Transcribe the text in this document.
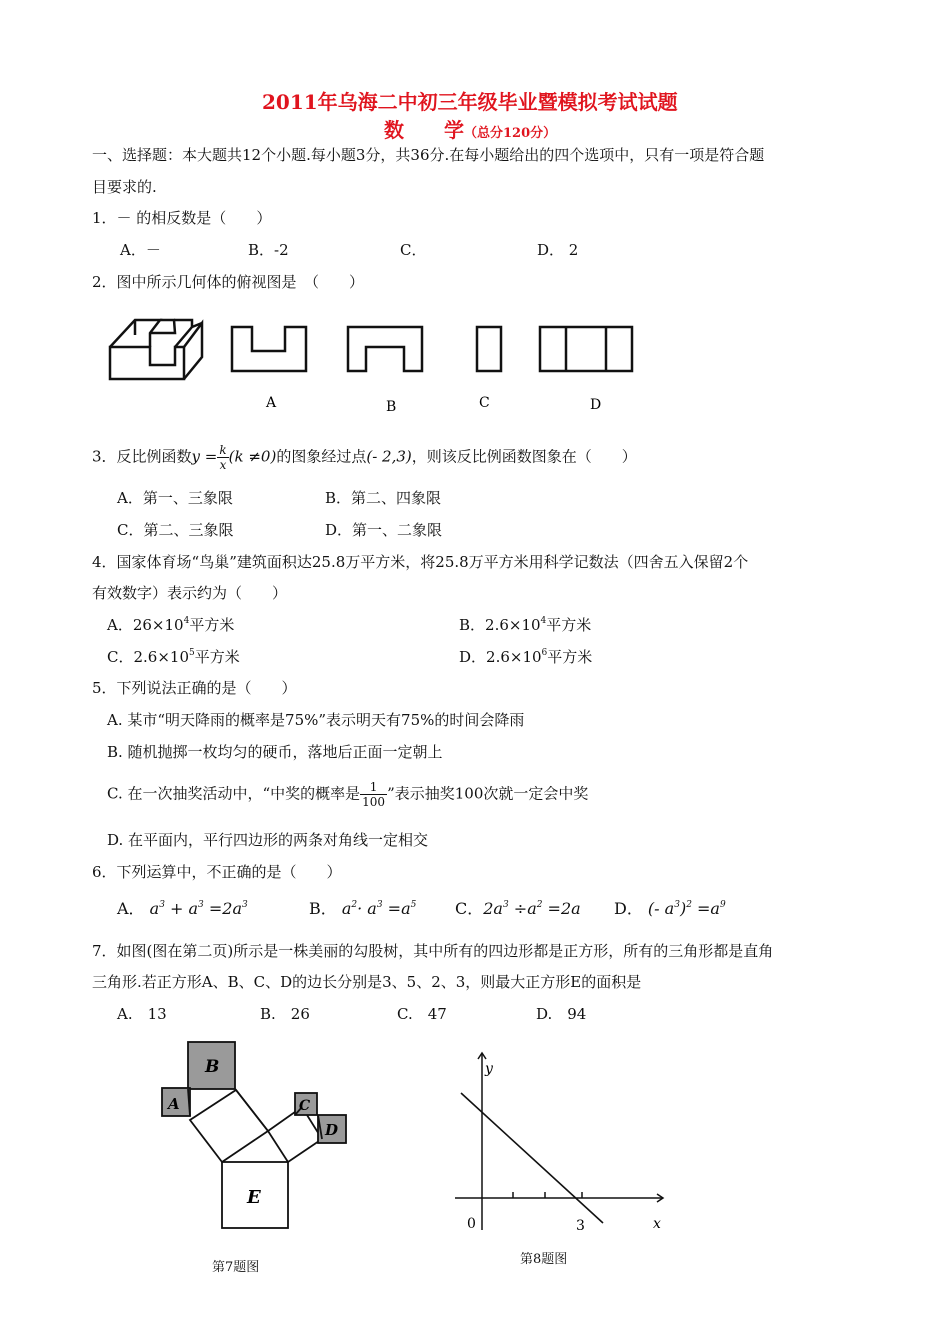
2011年乌海二中初三年级毕业暨模拟考试试题
数　　学（总分120分）
一、选择题：本大题共12个小题.每小题3分，共36分.在每小题给出的四个选项中，只有一项是符合题
目要求的.
1．－ 的相反数是（　　）
A．－	B．-2	C．	D． 2
2．图中所示几何体的俯视图是　（　　）
A	B	C	D
3．反比例函数$y = \frac{k}{x} (k \ne 0)$的图象经过点(- 2,3)，则该反比例函数图象在（　　）
A．第一、三象限	B．第二、四象限
C．第二、三象限	D．第一、二象限
4．国家体育场“鸟巢”建筑面积达25.8万平方米，将25.8万平方米用科学记数法（四舍五入保留2个
有效数字）表示约为（　　）
A．$26\times 10^4$平方米	B．$2.6\times 10^4$平方米
C．$2.6\times 10^5$平方米	D．$2.6\times 10^6$平方米
5．下列说法正确的是（　　）
A. 某市“明天降雨的概率是75%”表示明天有75%的时间会降雨
B. 随机抛掷一枚均匀的硬币，落地后正面一定朝上
C. 在一次抽奖活动中，“中奖的概率是 $\frac{1}{100}$ ”表示抽奖100次就一定会中奖
D. 在平面内，平行四边形的两条对角线一定相交
6．下列运算中，不正确的是（　　）
A． $a^3 + a^3 =2a^3$	B． $a^2\cdot a^3 =a^5$ C．$2a^3 \div a^2 =2a$ D． (- $a^3)^2 =a^9$
7．如图(图在第二页)所示是一株美丽的勾股树，其中所有的四边形都是正方形，所有的三角形都是直角
三角形.若正方形A、B、C、D的边长分别是3、5、2、3，则最大正方形E的面积是
A.　13	B.　26	C.　47	D.　94
B
A	C
D
E
第7题图
y
x
0	3
第8题图
